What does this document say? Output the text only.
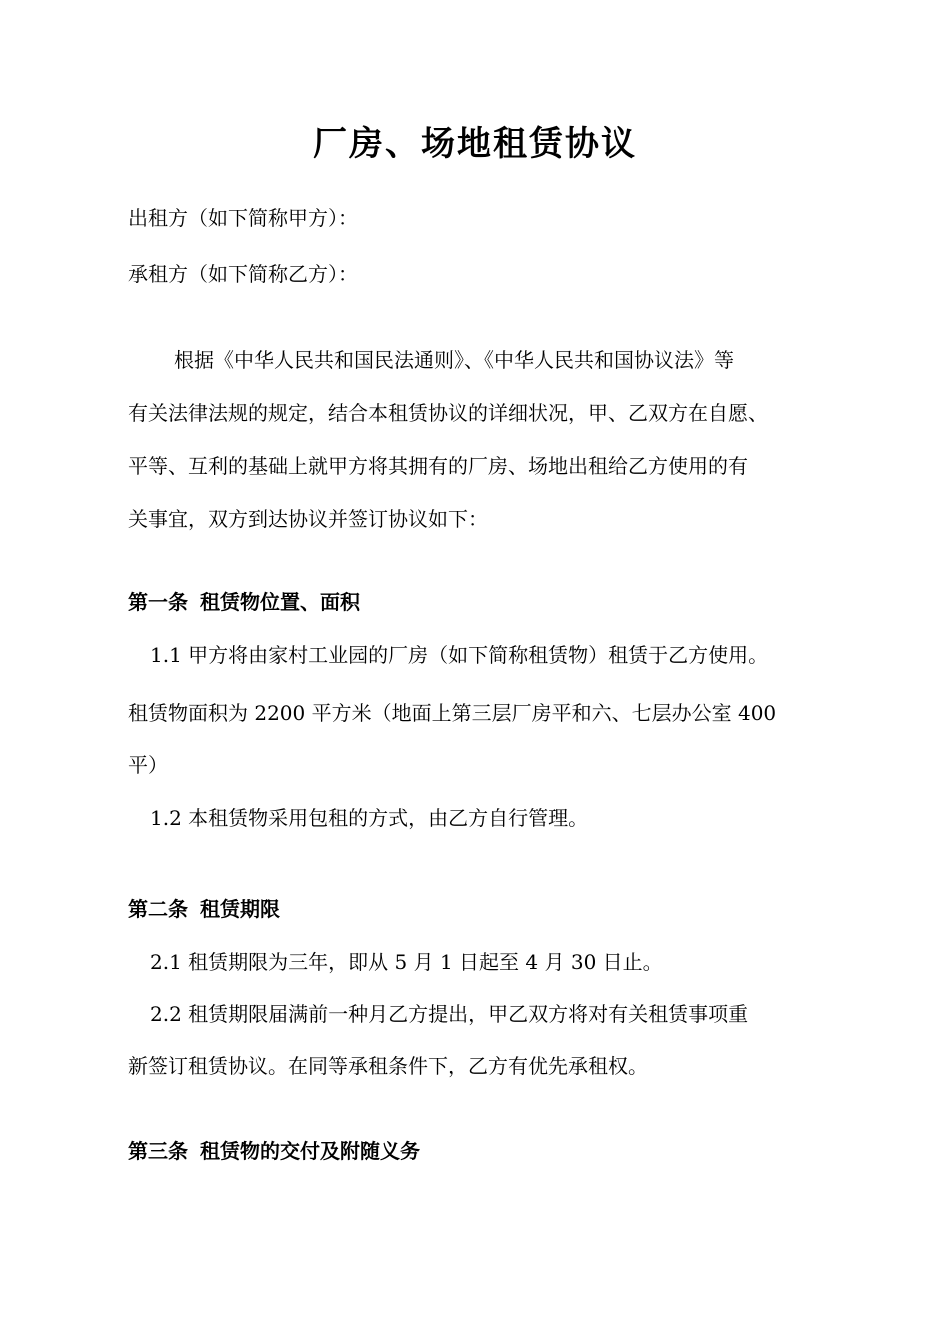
厂房、场地租赁协议

出租方（如下简称甲方）：

承租方（如下简称乙方）：

根据《中华人民共和国民法通则》、《中华人民共和国协议法》等

有关法律法规的规定，结合本租赁协议的详细状况，甲、乙双方在自愿、

平等、互利的基础上就甲方将其拥有的厂房、场地出租给乙方使用的有

关事宜，双方到达协议并签订协议如下：

第一条 租赁物位置、面积

1.1 甲方将由家村工业园的厂房（如下简称租赁物）租赁于乙方使用。

租赁物面积为 2200 平方米（地面上第三层厂房平和六、七层办公室 400

平）

1.2 本租赁物采用包租的方式，由乙方自行管理。

第二条 租赁期限

2.1 租赁期限为三年，即从 5 月 1 日起至 4 月 30 日止。

2.2 租赁期限届满前一种月乙方提出，甲乙双方将对有关租赁事项重

新签订租赁协议。在同等承租条件下，乙方有优先承租权。

第三条 租赁物的交付及附随义务
